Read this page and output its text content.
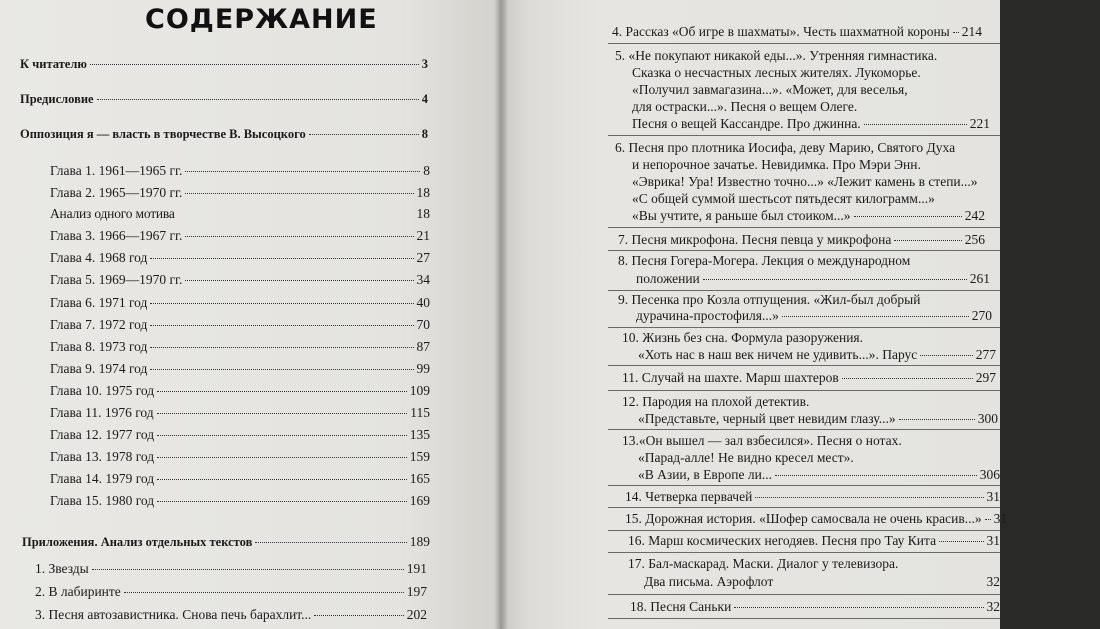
СОДЕРЖАНИЕ
К читателю	3
Предисловие	4
Оппозиция я — власть в творчестве В. Высоцкого	8
Глава 1. 1961—1965 гг.	8
Глава 2. 1965—1970 гг.	18
Анализ одного мотива	18
Глава 3. 1966—1967 гг.	21
Глава 4. 1968 год	27
Глава 5. 1969—1970 гг.	34
Глава 6. 1971 год	40
Глава 7. 1972 год	70
Глава 8. 1973 год	87
Глава 9. 1974 год	99
Глава 10. 1975 год	109
Глава 11. 1976 год	115
Глава 12. 1977 год	135
Глава 13. 1978 год	159
Глава 14. 1979 год	165
Глава 15. 1980 год	169
Приложения. Анализ отдельных текстов	189
1. Звезды	191
2. В лабиринте	197
3. Песня автозавистника. Снова печь барахлит...	202
4. Рассказ «Об игре в шахматы». Честь шахматной короны 214
5. «Не покупают никакой еды...». Утренняя гимнастика.
Сказка о несчастных лесных жителях. Лукоморье.
«Получил завмагазина...». «Может, для веселья,
для остраски...». Песня о вещем Олеге.
Песня о вещей Кассандре. Про джинна.	221
6. Песня про плотника Иосифа, деву Марию, Святого Духа
и непорочное зачатье. Невидимка. Про Мэри Энн.
«Эврика! Ура! Известно точно...» «Лежит камень в степи...»
«С общей суммой шестьсот пятьдесят килограмм...»
«Вы учтите, я раньше был стоиком...»	242
7. Песня микрофона. Песня певца у микрофона	256
8. Песня Гогера-Могера. Лекция о международном
положении	261
9. Песенка про Козла отпущения. «Жил-был добрый
дурачина-простофиля...»	270
10. Жизнь без сна. Формула разоружения.
«Хоть нас в наш век ничем не удивить...». Парус	277
11. Случай на шахте. Марш шахтеров	297
12. Пародия на плохой детектив.
«Представьте, черный цвет невидим глазу...»	300
13.«Он вышел — зал взбесился». Песня о нотах.
«Парад-алле! Не видно кресел мест».
«В Азии, в Европе ли...	306
14. Четверка первачей	31
15. Дорожная история. «Шофер самосвала не очень красив...» 31
16. Марш космических негодяев. Песня про Тау Кита	31
17. Бал-маскарад. Маски. Диалог у телевизора.
Два письма. Аэрофлот	32
18. Песня Саньки	32
